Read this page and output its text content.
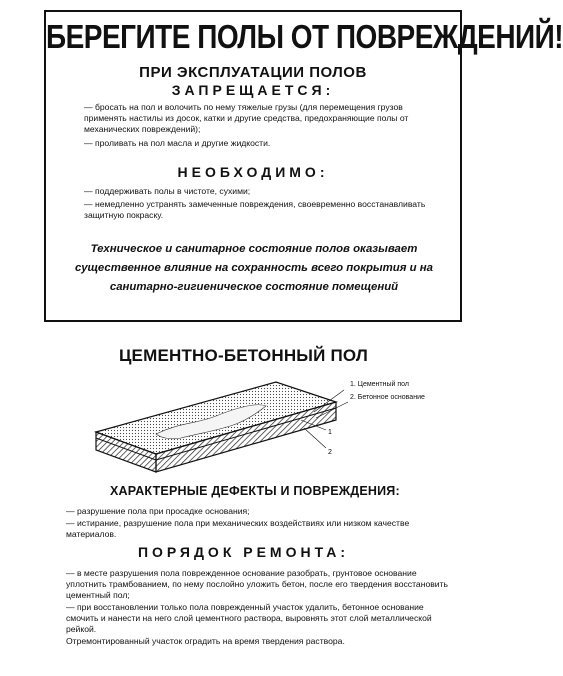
БЕРЕГИТЕ ПОЛЫ ОТ ПОВРЕЖДЕНИЙ!
ПРИ ЭКСПЛУАТАЦИИ ПОЛОВ
ЗАПРЕЩАЕТСЯ:
— бросать на пол и волочить по нему тяжелые грузы (для перемещения грузов применять настилы из досок, катки и другие средства, предохраняющие полы от механических повреждений);
— проливать на пол масла и другие жидкости.
НЕОБХОДИМО:
— поддерживать полы в чистоте, сухими;
— немедленно устранять замеченные повреждения, своевременно восстанавливать защитную покраску.
Техническое и санитарное состояние полов оказывает существенное влияние на сохранность всего покрытия и на санитарно-гигиеническое состояние помещений
ЦЕМЕНТНО-БЕТОННЫЙ ПОЛ
1
2
1. Цементный пол
2. Бетонное основание
ХАРАКТЕРНЫЕ ДЕФЕКТЫ И ПОВРЕЖДЕНИЯ:
— разрушение пола при просадке основания;
— истирание, разрушение пола при механических воздействиях или низком качестве материалов.
ПОРЯДОК РЕМОНТА:
— в месте разрушения пола поврежденное основание разобрать, грунтовое основание уплотнить трамбованием, по нему послойно уложить бетон, после его твердения восстановить цементный пол;
— при восстановлении только пола поврежденный участок удалить, бетонное основание смочить и нанести на него слой цементного раствора, выровнять этот слой металлической рейкой.
Отремонтированный участок оградить на время твердения раствора.
